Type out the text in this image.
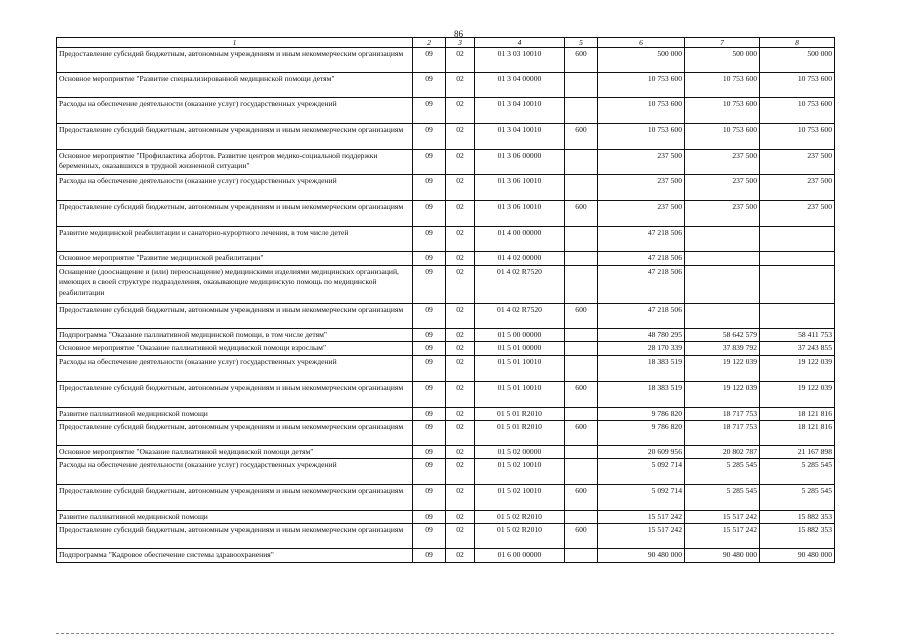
86
1	2	3	4	5	6	7	8
Предоставление субсидий бюджетным, автономным учреждениям и иным некоммерческим организациям	09	02	01 3 03 10010	600	500 000	500 000	500 000
Основное мероприятие "Развитие специализированной медицинской помощи детям"	09	02	01 3 04 00000		10 753 600	10 753 600	10 753 600
Расходы на обеспечение деятельности (оказание услуг) государственных учреждений	09	02	01 3 04 10010		10 753 600	10 753 600	10 753 600
Предоставление субсидий бюджетным, автономным учреждениям и иным некоммерческим организациям	09	02	01 3 04 10010	600	10 753 600	10 753 600	10 753 600
Основное мероприятие "Профилактика абортов. Развитие центров медико-социальной поддержки беременных, оказавшихся в трудной жизненной ситуации"	09	02	01 3 06 00000		237 500	237 500	237 500
Расходы на обеспечение деятельности (оказание услуг) государственных учреждений	09	02	01 3 06 10010		237 500	237 500	237 500
Предоставление субсидий бюджетным, автономным учреждениям и иным некоммерческим организациям	09	02	01 3 06 10010	600	237 500	237 500	237 500
Развитие медицинской реабилитации и санаторно-курортного лечения, в том числе детей	09	02	01 4 00 00000		47 218 506		
Основное мероприятие "Развитие медицинской реабилитации"	09	02	01 4 02 00000		47 218 506		
Оснащение (дооснащение и (или) переоснащение) медицинскими изделиями медицинских организаций, имеющих в своей структуре подразделения, оказывающие медицинскую помощь по медицинской реабилитации	09	02	01 4 02 R7520		47 218 506		
Предоставление субсидий бюджетным, автономным учреждениям и иным некоммерческим организациям	09	02	01 4 02 R7520	600	47 218 506		
Подпрограмма "Оказание паллиативной медицинской помощи, в том числе детям"	09	02	01 5 00 00000		48 780 295	58 642 579	58 411 753
Основное мероприятие "Оказание паллиативной медицинской помощи взрослым"	09	02	01 5 01 00000		28 170 339	37 839 792	37 243 855
Расходы на обеспечение деятельности (оказание услуг) государственных учреждений	09	02	01 5 01 10010		18 383 519	19 122 039	19 122 039
Предоставление субсидий бюджетным, автономным учреждениям и иным некоммерческим организациям	09	02	01 5 01 10010	600	18 383 519	19 122 039	19 122 039
Развитие паллиативной медицинской помощи	09	02	01 5 01 R2010		9 786 820	18 717 753	18 121 816
Предоставление субсидий бюджетным, автономным учреждениям и иным некоммерческим организациям	09	02	01 5 01 R2010	600	9 786 820	18 717 753	18 121 816
Основное мероприятие "Оказание паллиативной медицинской помощи детям"	09	02	01 5 02 00000		20 609 956	20 802 787	21 167 898
Расходы на обеспечение деятельности (оказание услуг) государственных учреждений	09	02	01 5 02 10010		5 092 714	5 285 545	5 285 545
Предоставление субсидий бюджетным, автономным учреждениям и иным некоммерческим организациям	09	02	01 5 02 10010	600	5 092 714	5 285 545	5 285 545
Развитие паллиативной медицинской помощи	09	02	01 5 02 R2010		15 517 242	15 517 242	15 882 353
Предоставление субсидий бюджетным, автономным учреждениям и иным некоммерческим организациям	09	02	01 5 02 R2010	600	15 517 242	15 517 242	15 882 353
Подпрограмма "Кадровое обеспечение системы здравоохранения"	09	02	01 6 00 00000		90 480 000	90 480 000	90 480 000
